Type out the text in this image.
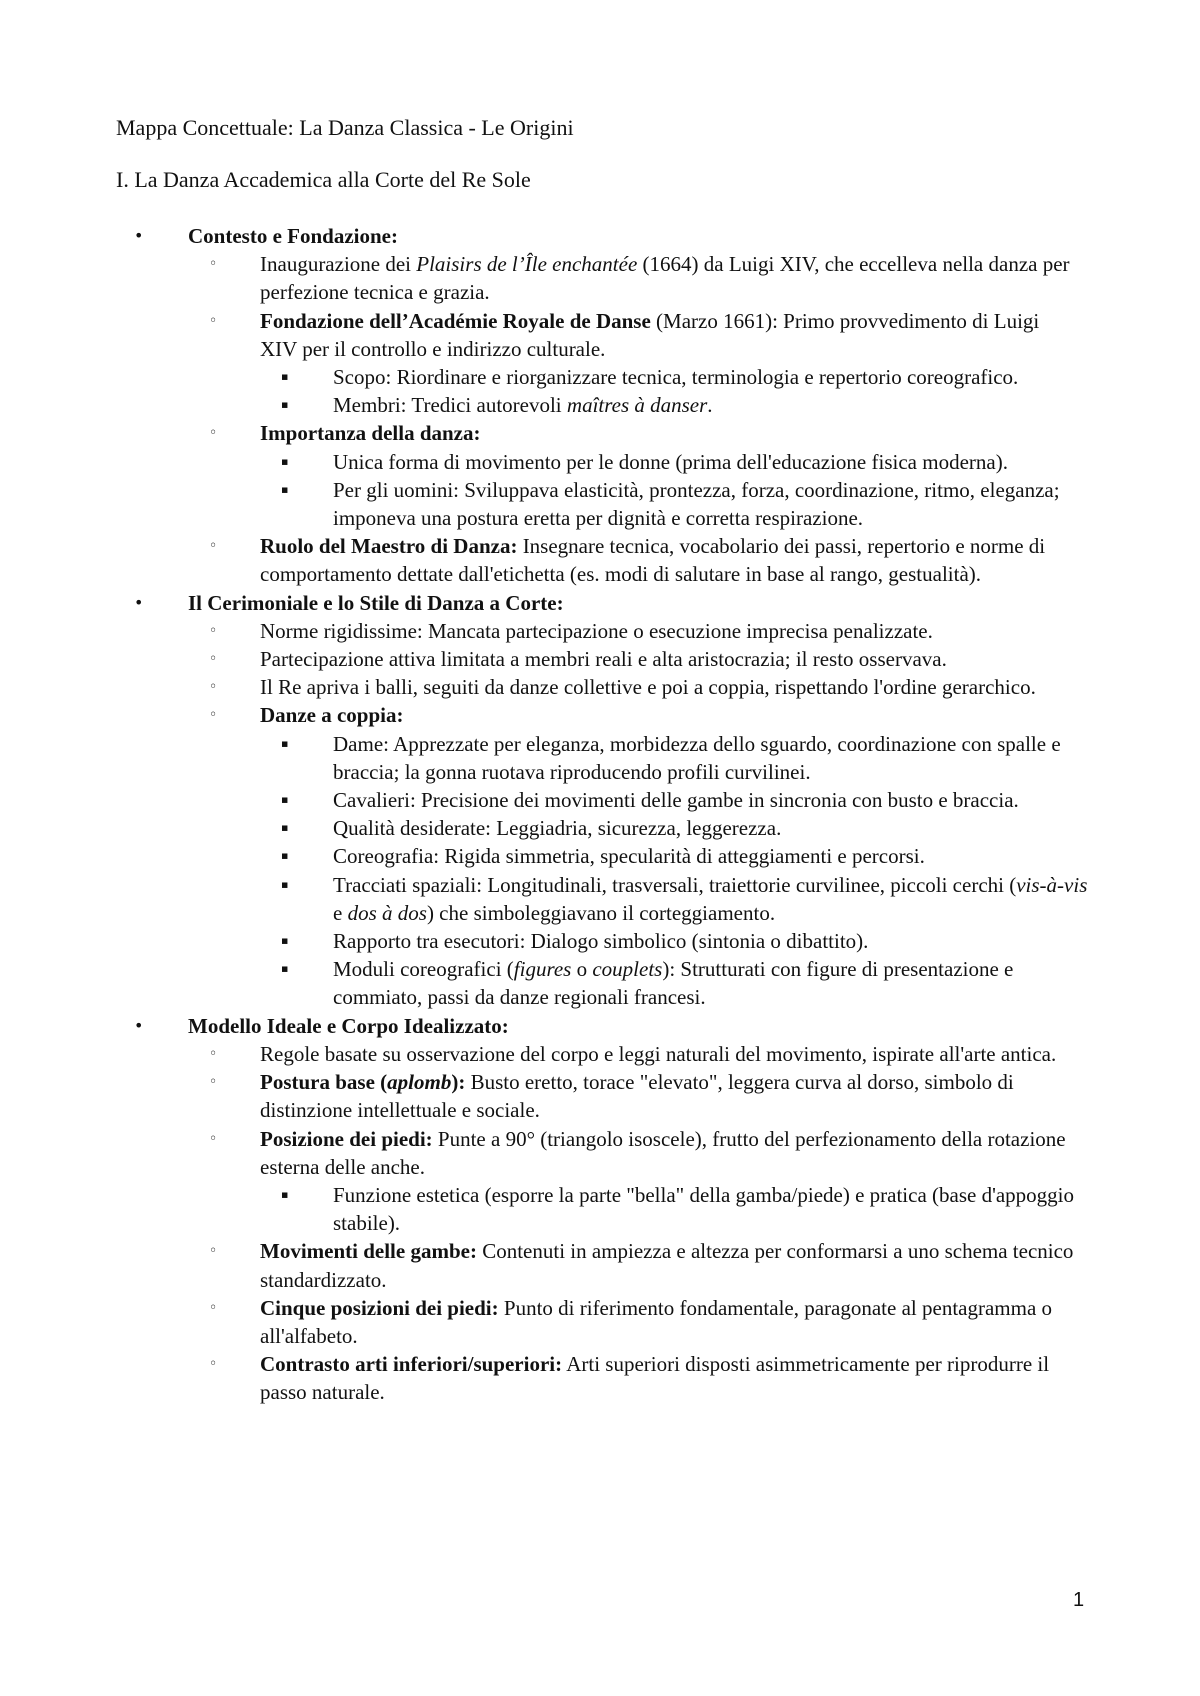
Mappa Concettuale: La Danza Classica - Le Origini
I. La Danza Accademica alla Corte del Re Sole
• Contesto e Fondazione:
◦ Inaugurazione dei Plaisirs de l’Île enchantée (1664) da Luigi XIV, che eccelleva nella danza per perfezione tecnica e grazia.
◦ Fondazione dell’Académie Royale de Danse (Marzo 1661): Primo provvedimento di Luigi XIV per il controllo e indirizzo culturale.
▪ Scopo: Riordinare e riorganizzare tecnica, terminologia e repertorio coreografico.
▪ Membri: Tredici autorevoli maîtres à danser.
◦ Importanza della danza:
▪ Unica forma di movimento per le donne (prima dell'educazione fisica moderna).
▪ Per gli uomini: Sviluppava elasticità, prontezza, forza, coordinazione, ritmo, eleganza; imponeva una postura eretta per dignità e corretta respirazione.
◦ Ruolo del Maestro di Danza: Insegnare tecnica, vocabolario dei passi, repertorio e norme di comportamento dettate dall'etichetta (es. modi di salutare in base al rango, gestualità).
• Il Cerimoniale e lo Stile di Danza a Corte:
◦ Norme rigidissime: Mancata partecipazione o esecuzione imprecisa penalizzate.
◦ Partecipazione attiva limitata a membri reali e alta aristocrazia; il resto osservava.
◦ Il Re apriva i balli, seguiti da danze collettive e poi a coppia, rispettando l'ordine gerarchico.
◦ Danze a coppia:
▪ Dame: Apprezzate per eleganza, morbidezza dello sguardo, coordinazione con spalle e braccia; la gonna ruotava riproducendo profili curvilinei.
▪ Cavalieri: Precisione dei movimenti delle gambe in sincronia con busto e braccia.
▪ Qualità desiderate: Leggiadria, sicurezza, leggerezza.
▪ Coreografia: Rigida simmetria, specularità di atteggiamenti e percorsi.
▪ Tracciati spaziali: Longitudinali, trasversali, traiettorie curvilinee, piccoli cerchi (vis-à-vis e dos à dos) che simboleggiavano il corteggiamento.
▪ Rapporto tra esecutori: Dialogo simbolico (sintonia o dibattito).
▪ Moduli coreografici (figures o couplets): Strutturati con figure di presentazione e commiato, passi da danze regionali francesi.
• Modello Ideale e Corpo Idealizzato:
◦ Regole basate su osservazione del corpo e leggi naturali del movimento, ispirate all'arte antica.
◦ Postura base (aplomb): Busto eretto, torace "elevato", leggera curva al dorso, simbolo di distinzione intellettuale e sociale.
◦ Posizione dei piedi: Punte a 90° (triangolo isoscele), frutto del perfezionamento della rotazione esterna delle anche.
▪ Funzione estetica (esporre la parte "bella" della gamba/piede) e pratica (base d'appoggio stabile).
◦ Movimenti delle gambe: Contenuti in ampiezza e altezza per conformarsi a uno schema tecnico standardizzato.
◦ Cinque posizioni dei piedi: Punto di riferimento fondamentale, paragonate al pentagramma o all'alfabeto.
◦ Contrasto arti inferiori/superiori: Arti superiori disposti asimmetricamente per riprodurre il passo naturale.
1
